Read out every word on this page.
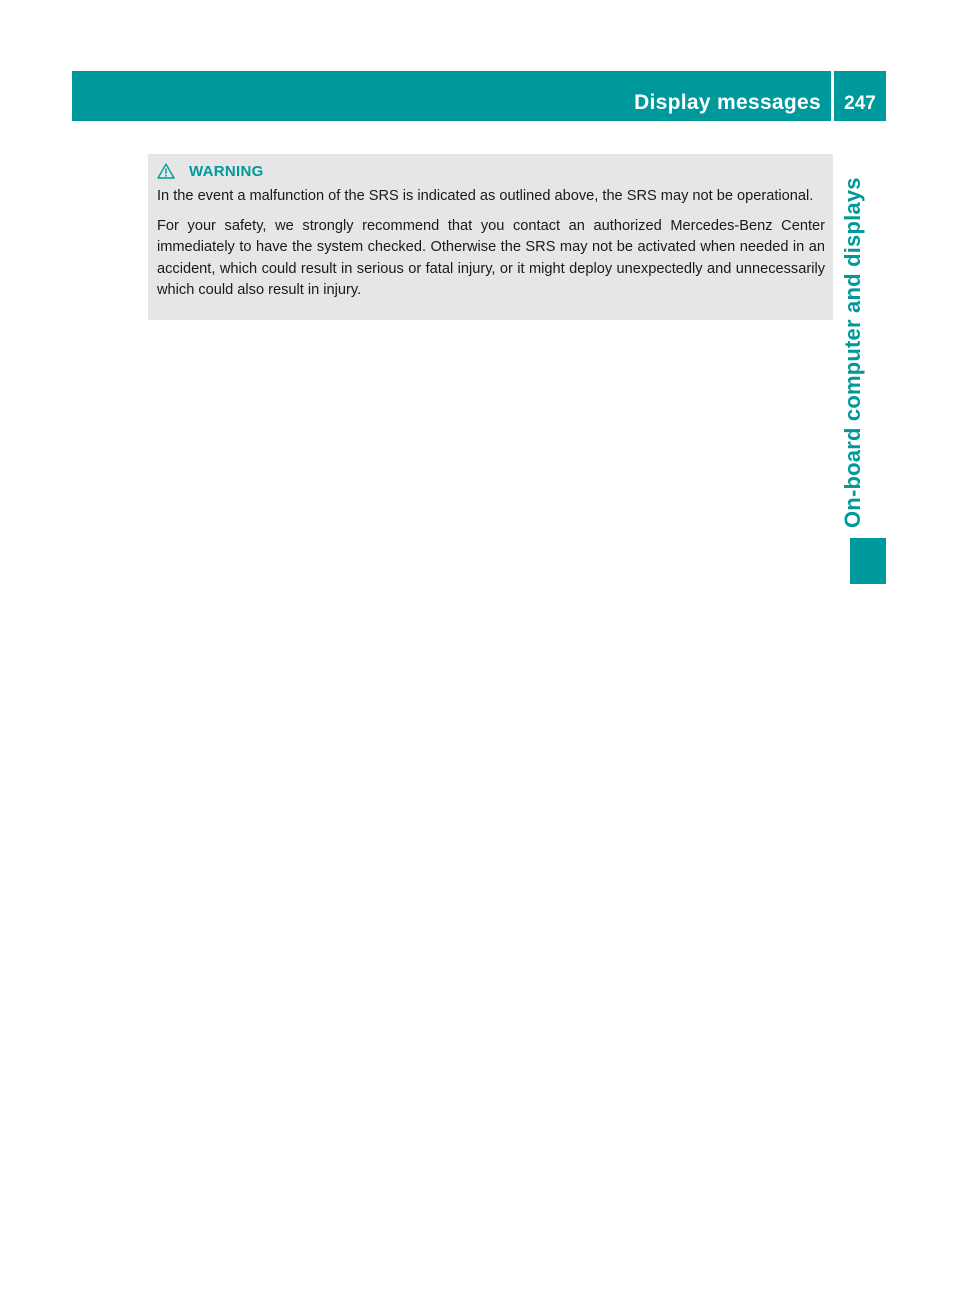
Display messages	247
On-board computer and displays
WARNING

In the event a malfunction of the SRS is indicated as outlined above, the SRS may not be operational.

For your safety, we strongly recommend that you contact an authorized Mercedes-Benz Center immediately to have the system checked. Otherwise the SRS may not be activated when needed in an accident, which could result in serious or fatal injury, or it might deploy unexpectedly and unnecessarily which could also result in injury.
